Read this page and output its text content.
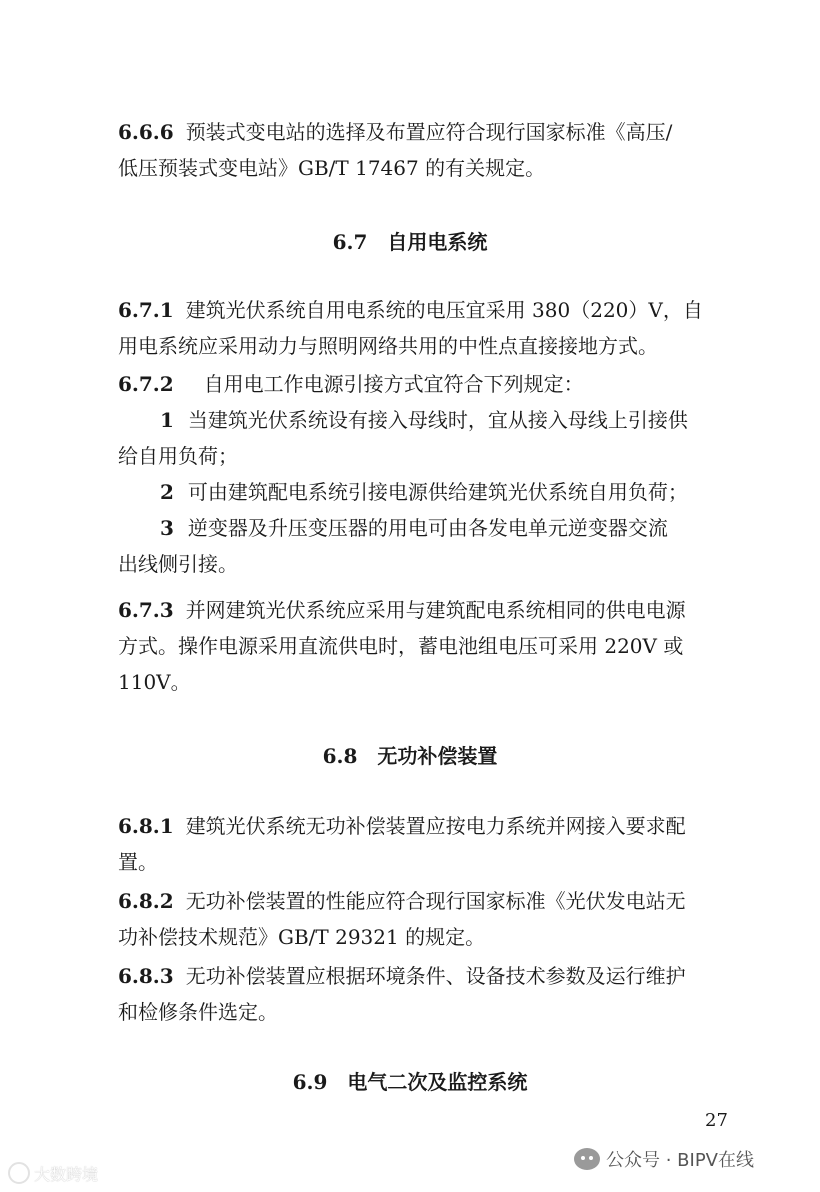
6.6.6 预装式变电站的选择及布置应符合现行国家标准《高压/

低压预装式变电站》GB/T 17467 的有关规定。

6.7 自用电系统

6.7.1 建筑光伏系统自用电系统的电压宜采用 380（220）V，自

用电系统应采用动力与照明网络共用的中性点直接接地方式。

6.7.2 自用电工作电源引接方式宜符合下列规定：

1 当建筑光伏系统设有接入母线时，宜从接入母线上引接供

给自用负荷；

2 可由建筑配电系统引接电源供给建筑光伏系统自用负荷；

3 逆变器及升压变压器的用电可由各发电单元逆变器交流

出线侧引接。

6.7.3 并网建筑光伏系统应采用与建筑配电系统相同的供电电源

方式。操作电源采用直流供电时，蓄电池组电压可采用 220V 或

110V。

6.8 无功补偿装置

6.8.1 建筑光伏系统无功补偿装置应按电力系统并网接入要求配

置。

6.8.2 无功补偿装置的性能应符合现行国家标准《光伏发电站无

功补偿技术规范》GB/T 29321 的规定。

6.8.3 无功补偿装置应根据环境条件、设备技术参数及运行维护

和检修条件选定。

6.9 电气二次及监控系统
27
公众号 · BIPV在线
大数跨境
